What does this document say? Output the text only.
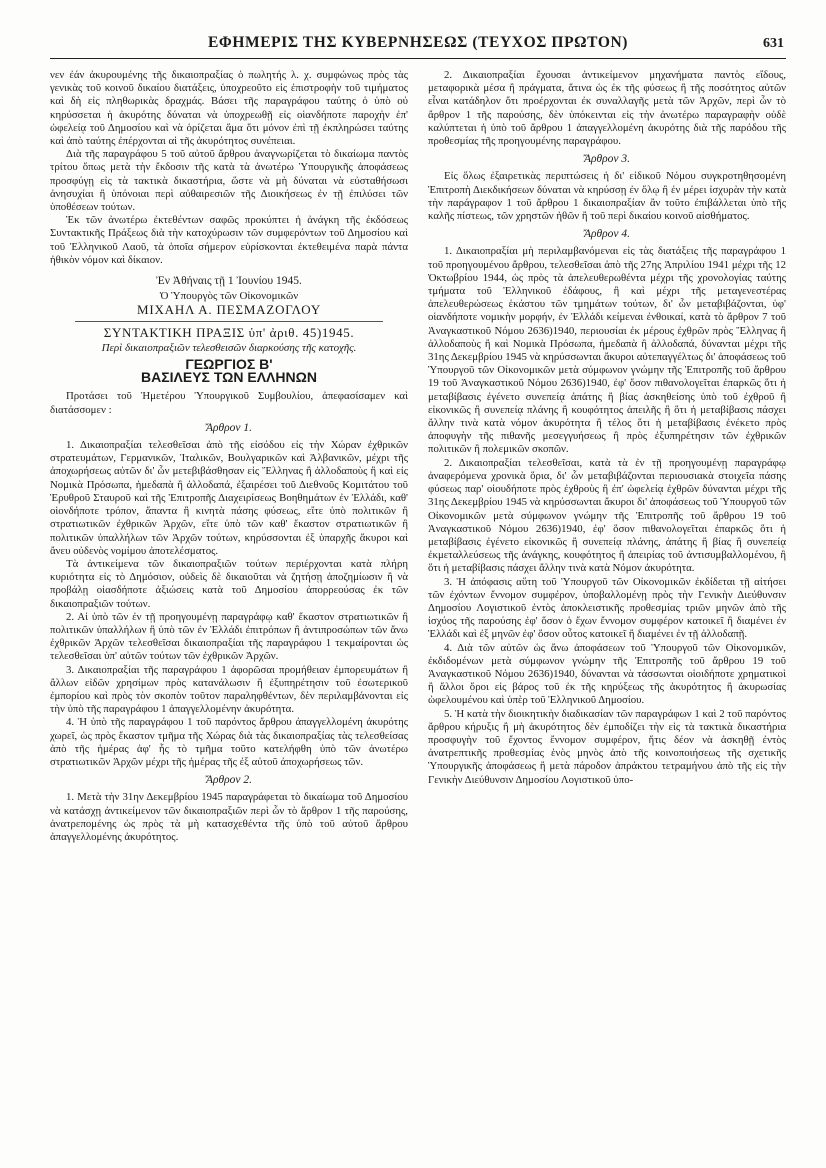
ΕΦΗΜΕΡΙΣ ΤΗΣ ΚΥΒΕΡΝΗΣΕΩΣ (ΤΕΥΧΟΣ ΠΡΩΤΟΝ)	631

νεν ἐάν ἀκυρουμένης τῆς δικαιοπραξίας ὁ πωλητής λ. χ. συμφώνως πρὸς τὰς γενικὰς τοῦ κοινοῦ δικαίου διατάξεις, ὑποχρεοῦτο εἰς ἐπιστροφὴν τοῦ τιμήματος καὶ δὴ εἰς πληθωρικὰς δραχμάς. Βάσει τῆς παραγράφου ταύτης ὁ ὑπὸ οὐ κηρύσσεται ἡ ἀκυρότης δύναται νὰ ὑποχρεωθῇ εἰς οἱανδήποτε παροχὴν ἐπ' ὠφελείᾳ τοῦ Δημοσίου καὶ νὰ ὁρίζεται ἅμα ὅτι μόνον ἐπὶ τῇ ἐκπληρώσει ταύτης καὶ ἀπὸ ταύτης ἐπέρχονται αἱ τῆς ἀκυρότητος συνέπειαι.

Διὰ τῆς παραγράφου 5 τοῦ αὐτοῦ ἄρθρου ἀναγνωρίζεται τὸ δικαίωμα παντὸς τρίτου ὅπως μετὰ τὴν ἔκδοσιν τῆς κατὰ τὰ ἀνωτέρω Ὑπουργικῆς ἀποφάσεως προσφύγῃ εἰς τὰ τακτικὰ δικαστήρια, ὥστε νὰ μὴ δύναται νὰ εὐσταθήσωσι ἀνησυχίαι ἢ ὑπόνοιαι περὶ αὐθαιρεσιῶν τῆς Διοικήσεως ἐν τῇ ἐπιλύσει τῶν ὑποθέσεων τούτων.

Ἐκ τῶν ἀνωτέρω ἐκτεθέντων σαφῶς προκύπτει ἡ ἀνάγκη τῆς ἐκδόσεως Συντακτικῆς Πράξεως διὰ τὴν κατοχύρωσιν τῶν συμφερόντων τοῦ Δημοσίου καὶ τοῦ Ἑλληνικοῦ Λαοῦ, τὰ ὁποῖα σήμερον εὑρίσκονται ἐκτεθειμένα παρὰ πάντα ἠθικὸν νόμον καὶ δίκαιον.

Ἐν Ἀθήναις τῇ 1 Ἰουνίου 1945.
Ὁ Ὑπουργὸς τῶν Οἰκονομικῶν
ΜΙΧΑΗΛ Α. ΠΕΣΜΑΖΟΓΛΟΥ
ΣΥΝΤΑΚΤΙΚΗ ΠΡΑΞΙΣ ὑπ' ἀριθ. 45)1945.
Περὶ δικαιοπραξιῶν τελεσθεισῶν διαρκούσης τῆς κατοχῆς.
ΓΕΩΡΓΙΟΣ Β'
ΒΑΣΙΛΕΥΣ ΤΩΝ ΕΛΛΗΝΩΝ

Προτάσει τοῦ Ἡμετέρου Ὑπουργικοῦ Συμβουλίου, ἀπεφασίσαμεν καὶ διατάσσομεν :

Ἄρθρον 1.

1. Δικαιοπραξίαι τελεσθεῖσαι ἀπὸ τῆς εἰσόδου εἰς τὴν Χώραν ἐχθρικῶν στρατευμάτων, Γερμανικῶν, Ἰταλικῶν, Βουλγαρικῶν καὶ Ἀλβανικῶν, μέχρι τῆς ἀποχωρήσεως αὐτῶν δι' ὧν μετεβιβάσθησαν εἰς Ἕλληνας ἢ ἀλλοδαποὺς ἢ καὶ εἰς Νομικὰ Πρόσωπα, ἡμεδαπὰ ἢ ἀλλοδαπά, ἐξαιρέσει τοῦ Διεθνοῦς Κομιτάτου τοῦ Ἐρυθροῦ Σταυροῦ καὶ τῆς Ἐπιτροπῆς Διαχειρίσεως Βοηθημάτων ἐν Ἑλλάδι, καθ' οἱονδήποτε τρόπον, ἅπαντα ἢ κινητὰ πάσης φύσεως, εἴτε ὑπὸ πολιτικῶν ἢ στρατιωτικῶν ἐχθρικῶν Ἀρχῶν, εἴτε ὑπὸ τῶν καθ' ἕκαστον στρατιωτικῶν ἢ πολιτικῶν ὑπαλλήλων τῶν Ἀρχῶν τούτων, κηρύσσονται ἐξ ὑπαρχῆς ἄκυροι καὶ ἄνευ οὐδενὸς νομίμου ἀποτελέσματος.

Τὰ ἀντικείμενα τῶν δικαιοπραξιῶν τούτων περιέρχονται κατὰ πλήρη κυριότητα εἰς τὸ Δημόσιον, οὐδεὶς δὲ δικαιοῦται νὰ ζητήσῃ ἀποζημίωσιν ἢ νὰ προβάλῃ οἱασδήποτε ἀξιώσεις κατὰ τοῦ Δημοσίου ἀπορρεούσας ἐκ τῶν δικαιοπραξιῶν τούτων.

2. Αἱ ὑπὸ τῶν ἐν τῇ προηγουμένῃ παραγράφῳ καθ' ἕκαστον στρατιωτικῶν ἢ πολιτικῶν ὑπαλλήλων ἢ ὑπὸ τῶν ἐν Ἑλλάδι ἐπιτρόπων ἢ ἀντιπροσώπων τῶν ἄνω ἐχθρικῶν Ἀρχῶν τελεσθεῖσαι δικαιοπραξίαι τῆς παραγράφου 1 τεκμαίρονται ὡς τελεσθεῖσαι ὑπ' αὐτῶν τούτων τῶν ἐχθρικῶν Ἀρχῶν.

3. Δικαιοπραξίαι τῆς παραγράφου 1 ἀφορῶσαι προμήθειαν ἐμπορευμάτων ἢ ἄλλων εἰδῶν χρησίμων πρὸς κατανάλωσιν ἢ ἐξυπηρέτησιν τοῦ ἐσωτερικοῦ ἐμπορίου καὶ πρὸς τὸν σκοπὸν τοῦτον παραληφθέντων, δὲν περιλαμβάνονται εἰς τὴν ὑπὸ τῆς παραγράφου 1 ἀπαγγελλομένην ἀκυρότητα.

4. Ἡ ὑπὸ τῆς παραγράφου 1 τοῦ παρόντος ἄρθρου ἀπαγγελλομένη ἀκυρότης χωρεῖ, ὡς πρὸς ἕκαστον τμῆμα τῆς Χώρας διὰ τὰς δικαιοπραξίας τὰς τελεσθείσας ἀπὸ τῆς ἡμέρας ἀφ' ἧς τὸ τμῆμα τοῦτο κατελήφθη ὑπὸ τῶν ἀνωτέρω στρατιωτικῶν Ἀρχῶν μέχρι τῆς ἡμέρας τῆς ἐξ αὐτοῦ ἀποχωρήσεως τῶν.

Ἄρθρον 2.

1. Μετὰ τὴν 31ην Δεκεμβρίου 1945 παραγράφεται τὸ δικαίωμα τοῦ Δημοσίου νὰ κατάσχῃ ἀντικείμενον τῶν δικαιοπραξιῶν περὶ ὧν τὸ ἄρθρον 1 τῆς παρούσης, ἀνατρεπομένης ὡς πρὸς τὰ μὴ κατασχεθέντα τῆς ὑπὸ τοῦ αὐτοῦ ἄρθρου ἀπαγγελλομένης ἀκυρότητος.

2. Δικαιοπραξίαι ἔχουσαι ἀντικείμενον μηχανήματα παντὸς εἴδους, μεταφορικὰ μέσα ἢ πράγματα, ἅτινα ὡς ἐκ τῆς φύσεως ἢ τῆς ποσότητος αὐτῶν εἶναι κατάδηλον ὅτι προέρχονται ἐκ συναλλαγῆς μετὰ τῶν Ἀρχῶν, περὶ ὧν τὸ ἄρθρον 1 τῆς παρούσης, δὲν ὑπόκεινται εἰς τὴν ἀνωτέρω παραγραφὴν οὐδὲ καλύπτεται ἡ ὑπὸ τοῦ ἄρθρου 1 ἀπαγγελλομένη ἀκυρότης διὰ τῆς παρόδου τῆς προθεσμίας τῆς προηγουμένης παραγράφου.

Ἄρθρον 3.

Εἰς ὅλως ἐξαιρετικὰς περιπτώσεις ἡ δι' εἰδικοῦ Νόμου συγκροτηθησομένη Ἐπιτροπὴ Διεκδικήσεων δύναται νὰ κηρύσσῃ ἐν ὅλῳ ἢ ἐν μέρει ἰσχυρὰν τὴν κατὰ τὴν παράγραφον 1 τοῦ ἄρθρου 1 δικαιοπραξίαν ἂν τοῦτο ἐπιβάλλεται ὑπὸ τῆς καλῆς πίστεως, τῶν χρηστῶν ἠθῶν ἢ τοῦ περὶ δικαίου κοινοῦ αἰσθήματος.

Ἄρθρον 4.

1. Δικαιοπραξίαι μὴ περιλαμβανόμεναι εἰς τὰς διατάξεις τῆς παραγράφου 1 τοῦ προηγουμένου ἄρθρου, τελεσθεῖσαι ἀπὸ τῆς 27ης Ἀπριλίου 1941 μέχρι τῆς 12 Ὀκτωβρίου 1944, ὡς πρὸς τὰ ἀπελευθερωθέντα μέχρι τῆς χρονολογίας ταύτης τμήματα τοῦ Ἑλληνικοῦ ἐδάφους, ἢ καὶ μέχρι τῆς μεταγενεστέρας ἀπελευθερώσεως ἑκάστου τῶν τμημάτων τούτων, δι' ὧν μεταβιβάζονται, ὑφ' οἱανδήποτε νομικὴν μορφήν, ἐν Ἑλλάδι κείμεναι ἐνθοικαί, κατὰ τὸ ἄρθρον 7 τοῦ Ἀναγκαστικοῦ Νόμου 2636)1940, περιουσίαι ἐκ μέρους ἐχθρῶν πρὸς Ἕλληνας ἢ ἀλλοδαποὺς ἢ καὶ Νομικὰ Πρόσωπα, ἡμεδαπὰ ἢ ἀλλοδαπά, δύνανται μέχρι τῆς 31ης Δεκεμβρίου 1945 νὰ κηρύσσωνται ἄκυροι αὐτεπαγγέλτως δι' ἀποφάσεως τοῦ Ὑπουργοῦ τῶν Οἰκονομικῶν μετὰ σύμφωνον γνώμην τῆς Ἐπιτροπῆς τοῦ ἄρθρου 19 τοῦ Ἀναγκαστικοῦ Νόμου 2636)1940, ἐφ' ὅσον πιθανολογεῖται ἐπαρκῶς ὅτι ἡ μεταβίβασις ἐγένετο συνεπείᾳ ἀπάτης ἢ βίας ἀσκηθείσης ὑπὸ τοῦ ἐχθροῦ ἢ εἰκονικῶς ἢ συνεπείᾳ πλάνης ἢ κουφότητος ἀπειλῆς ἢ ὅτι ἡ μεταβίβασις πάσχει ἄλλην τινὰ κατὰ νόμον ἀκυρότητα ἢ τέλος ὅτι ἡ μεταβίβασις ἐνέκετο πρὸς ἀποφυγὴν τῆς πιθανῆς μεσεγγυήσεως ἢ πρὸς ἐξυπηρέτησιν τῶν ἐχθρικῶν πολιτικῶν ἢ πολεμικῶν σκοπῶν.

2. Δικαιοπραξίαι τελεσθεῖσαι, κατὰ τὰ ἐν τῇ προηγουμένῃ παραγράφῳ ἀναφερόμενα χρονικὰ ὅρια, δι' ὧν μεταβιβάζονται περιουσιακὰ στοιχεῖα πάσης φύσεως παρ' οἱουδήποτε πρὸς ἐχθροὺς ἢ ἐπ' ὠφελείᾳ ἐχθρῶν δύνανται μέχρι τῆς 31ης Δεκεμβρίου 1945 νὰ κηρύσσωνται ἄκυροι δι' ἀποφάσεως τοῦ Ὑπουργοῦ τῶν Οἰκονομικῶν μετὰ σύμφωνον γνώμην τῆς Ἐπιτροπῆς τοῦ ἄρθρου 19 τοῦ Ἀναγκαστικοῦ Νόμου 2636)1940, ἐφ' ὅσον πιθανολογεῖται ἐπαρκῶς ὅτι ἡ μεταβίβασις ἐγένετο εἰκονικῶς ἢ συνεπείᾳ πλάνης, ἀπάτης ἢ βίας ἢ συνεπείᾳ ἐκμεταλλεύσεως τῆς ἀνάγκης, κουφότητος ἢ ἀπειρίας τοῦ ἀντισυμβαλλομένου, ἢ ὅτι ἡ μεταβίβασις πάσχει ἄλλην τινὰ κατὰ Νόμον ἀκυρότητα.

3. Ἡ ἀπόφασις αὕτη τοῦ Ὑπουργοῦ τῶν Οἰκονομικῶν ἐκδίδεται τῇ αἰτήσει τῶν ἐχόντων ἔννομον συμφέρον, ὑποβαλλομένῃ πρὸς τὴν Γενικὴν Διεύθυνσιν Δημοσίου Λογιστικοῦ ἐντὸς ἀποκλειστικῆς προθεσμίας τριῶν μηνῶν ἀπὸ τῆς ἰσχύος τῆς παρούσης ἐφ' ὅσον ὁ ἔχων ἔννομον συμφέρον κατοικεῖ ἢ διαμένει ἐν Ἑλλάδι καὶ ἐξ μηνῶν ἐφ' ὅσον οὗτος κατοικεῖ ἢ διαμένει ἐν τῇ ἀλλοδαπῇ.

4. Διὰ τῶν αὐτῶν ὡς ἄνω ἀποφάσεων τοῦ Ὑπουργοῦ τῶν Οἰκονομικῶν, ἐκδιδομένων μετὰ σύμφωνον γνώμην τῆς Ἐπιτροπῆς τοῦ ἄρθρου 19 τοῦ Ἀναγκαστικοῦ Νόμου 2636)1940, δύνανται νὰ τάσσωνται οἱοιδήποτε χρηματικοὶ ἢ ἄλλοι ὅροι εἰς βάρος τοῦ ἐκ τῆς κηρύξεως τῆς ἀκυρότητος ἢ ἀκυρωσίας ὠφελουμένου καὶ ὑπὲρ τοῦ Ἑλληνικοῦ Δημοσίου.

5. Ἡ κατὰ τὴν διοικητικὴν διαδικασίαν τῶν παραγράφων 1 καὶ 2 τοῦ παρόντος ἄρθρου κήρυξις ἢ μὴ ἀκυρότητος δὲν ἐμποδίζει τὴν εἰς τὰ τακτικὰ δικαστήρια προσφυγὴν τοῦ ἔχοντος ἔννομον συμφέρον, ἥτις δέον νὰ ἀσκηθῇ ἐντὸς ἀνατρεπτικῆς προθεσμίας ἑνὸς μηνὸς ἀπὸ τῆς κοινοποιήσεως τῆς σχετικῆς Ὑπουργικῆς ἀποφάσεως ἢ μετὰ πάροδον ἀπράκτου τετραμήνου ἀπὸ τῆς εἰς τὴν Γενικὴν Διεύθυνσιν Δημοσίου Λογιστικοῦ ὑπο-
